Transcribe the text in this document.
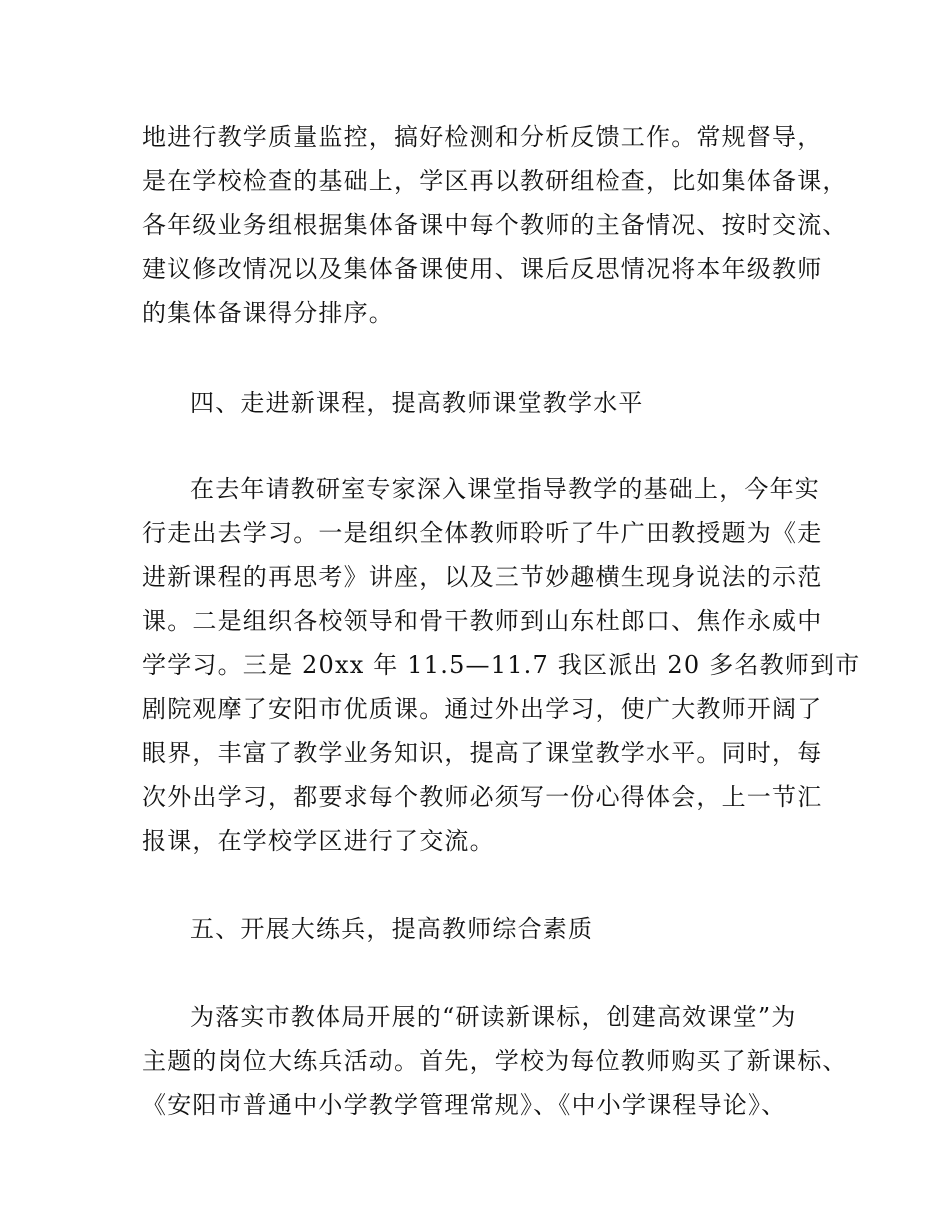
地进行教学质量监控，搞好检测和分析反馈工作。常规督导，
是在学校检查的基础上，学区再以教研组检查，比如集体备课，
各年级业务组根据集体备课中每个教师的主备情况、按时交流、
建议修改情况以及集体备课使用、课后反思情况将本年级教师
的集体备课得分排序。
四、走进新课程，提高教师课堂教学水平
在去年请教研室专家深入课堂指导教学的基础上，今年实
行走出去学习。一是组织全体教师聆听了牛广田教授题为《走
进新课程的再思考》讲座，以及三节妙趣横生现身说法的示范
课。二是组织各校领导和骨干教师到山东杜郎口、焦作永威中
学学习。三是 20xx 年 11.5—11.7 我区派出 20 多名教师到市
剧院观摩了安阳市优质课。通过外出学习，使广大教师开阔了
眼界，丰富了教学业务知识，提高了课堂教学水平。同时，每
次外出学习，都要求每个教师必须写一份心得体会，上一节汇
报课，在学校学区进行了交流。
五、开展大练兵，提高教师综合素质
为落实市教体局开展的“研读新课标，创建高效课堂”为
主题的岗位大练兵活动。首先，学校为每位教师购买了新课标、
《安阳市普通中小学教学管理常规》、《中小学课程导论》、
